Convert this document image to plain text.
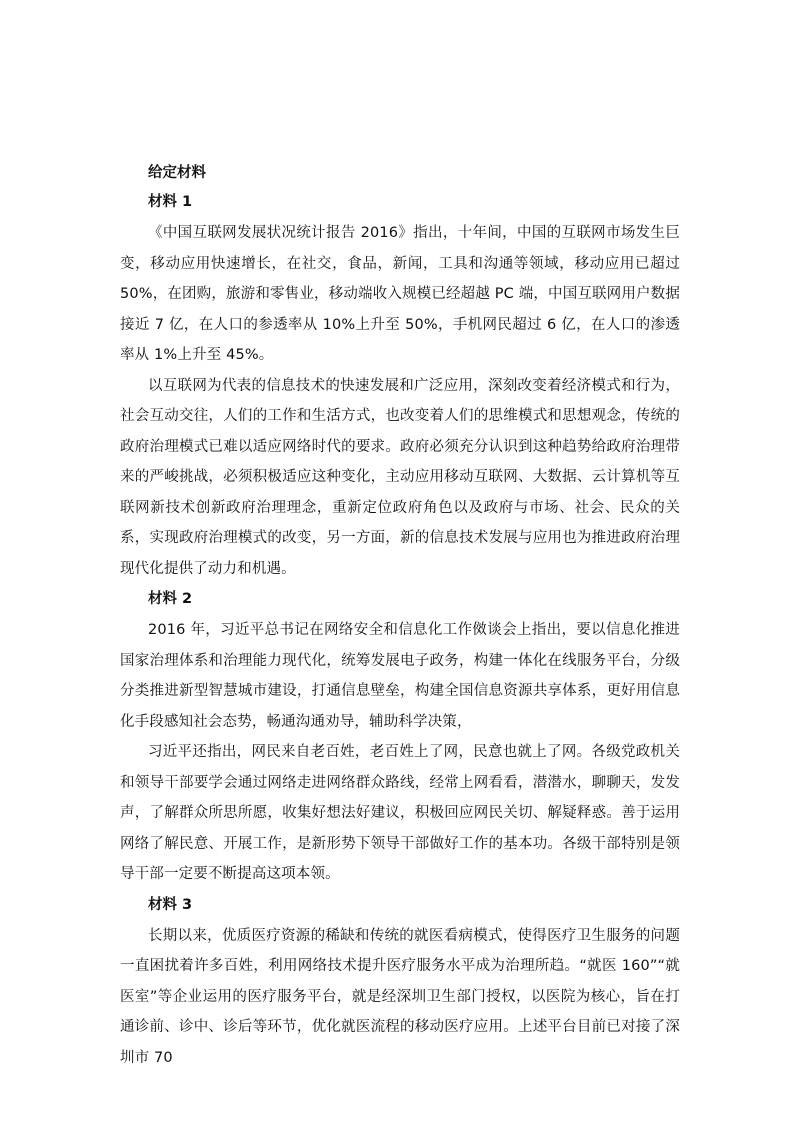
给定材料
材料 1

《中国互联网发展状况统计报告 2016》指出，十年间，中国的互联网市场发生巨变，移动应用快速增长，在社交，食品，新闻，工具和沟通等领域，移动应用已超过 50%，在团购，旅游和零售业，移动端收入规模已经超越 PC 端，中国互联网用户数据接近 7 亿，在人口的参透率从 10%上升至 50%，手机网民超过 6 亿，在人口的渗透率从 1%上升至 45%。

以互联网为代表的信息技术的快速发展和广泛应用，深刻改变着经济模式和行为，社会互动交往，人们的工作和生活方式，也改变着人们的思维模式和思想观念，传统的政府治理模式已难以适应网络时代的要求。政府必须充分认识到这种趋势给政府治理带来的严峻挑战，必须积极适应这种变化，主动应用移动互联网、大数据、云计算机等互联网新技术创新政府治理理念，重新定位政府角色以及政府与市场、社会、民众的关系，实现政府治理模式的改变，另一方面，新的信息技术发展与应用也为推进政府治理现代化提供了动力和机遇。

材料 2

2016 年，习近平总书记在网络安全和信息化工作傚谈会上指出，要以信息化推进国家治理体系和治理能力现代化，统筹发展电子政务，构建一体化在线服务平台，分级分类推进新型智慧城市建设，打通信息壁垒，构建全国信息资源共享体系，更好用信息化手段感知社会态势，畅通沟通劝导，辅助科学决策，

习近平还指出，网民来自老百姓，老百姓上了网，民意也就上了网。各级党政机关和领导干部要学会通过网络走进网络群众路线，经常上网看看，潜潜水，聊聊天，发发声，了解群众所思所愿，收集好想法好建议，积极回应网民关切、解疑释惑。善于运用网络了解民意、开展工作，是新形势下领导干部做好工作的基本功。各级干部特别是领导干部一定要不断提高这项本领。

材料 3

长期以来，优质医疗资源的稀缺和传统的就医看病模式，使得医疗卫生服务的问题一直困扰着许多百姓，利用网络技术提升医疗服务水平成为治理所趋。“就医 160”“就医室”等企业运用的医疗服务平台，就是经深圳卫生部门授权，以医院为核心，旨在打通诊前、诊中、诊后等环节，优化就医流程的移动医疗应用。上述平台目前已对接了深圳市 70
